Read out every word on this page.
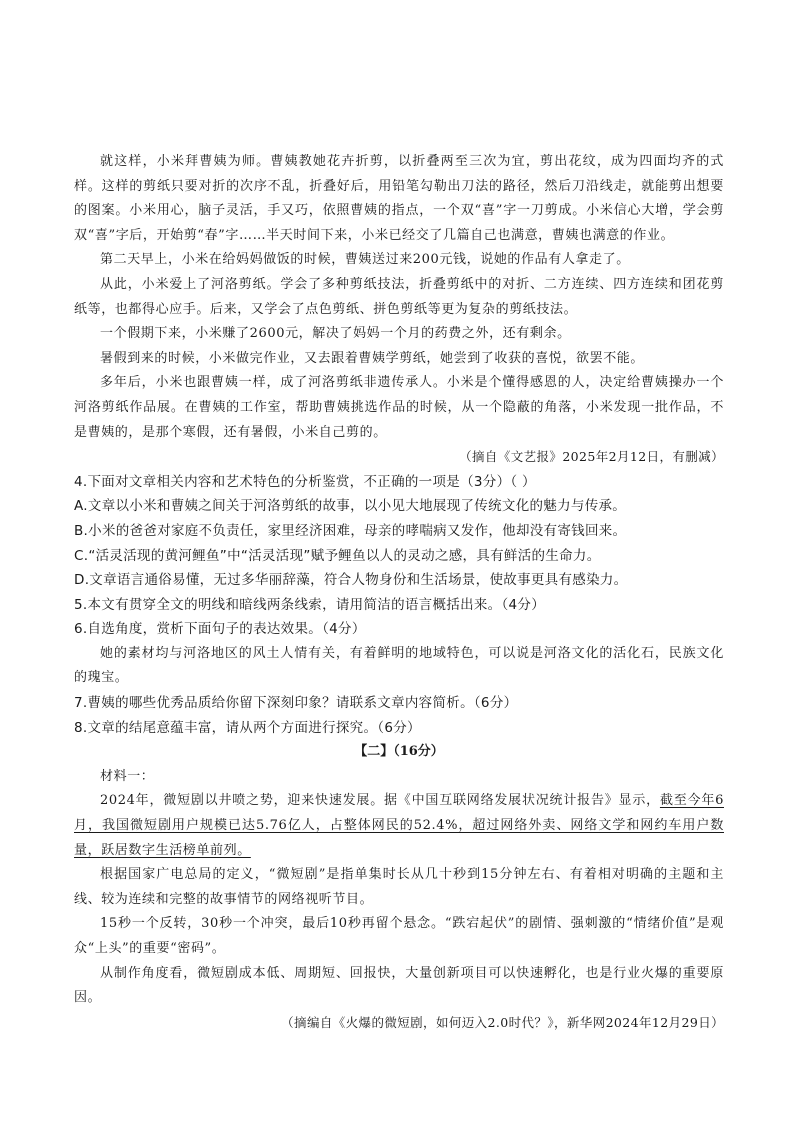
就这样，小米拜曹姨为师。曹姨教她花卉折剪，以折叠两至三次为宜，剪出花纹，成为四面均齐的式样。这样的剪纸只要对折的次序不乱，折叠好后，用铅笔勾勒出刀法的路径，然后刀沿线走，就能剪出想要的图案。小米用心，脑子灵活，手又巧，依照曹姨的指点，一个双“喜”字一刀剪成。小米信心大增，学会剪双“喜”字后，开始剪“春”字……半天时间下来，小米已经交了几篇自己也满意，曹姨也满意的作业。

第二天早上，小米在给妈妈做饭的时候，曹姨送过来200元钱，说她的作品有人拿走了。

从此，小米爱上了河洛剪纸。学会了多种剪纸技法，折叠剪纸中的对折、二方连续、四方连续和团花剪纸等，也都得心应手。后来，又学会了点色剪纸、拼色剪纸等更为复杂的剪纸技法。

一个假期下来，小米赚了2600元，解决了妈妈一个月的药费之外，还有剩余。

暑假到来的时候，小米做完作业，又去跟着曹姨学剪纸，她尝到了收获的喜悦，欲罢不能。

多年后，小米也跟曹姨一样，成了河洛剪纸非遗传承人。小米是个懂得感恩的人，决定给曹姨操办一个河洛剪纸作品展。在曹姨的工作室，帮助曹姨挑选作品的时候，从一个隐蔽的角落，小米发现一批作品，不是曹姨的，是那个寒假，还有暑假，小米自己剪的。

（摘自《文艺报》2025年2月12日，有删减）

4.下面对文章相关内容和艺术特色的分析鉴赏，不正确的一项是（3分）（ ）

A.文章以小米和曹姨之间关于河洛剪纸的故事，以小见大地展现了传统文化的魅力与传承。

B.小米的爸爸对家庭不负责任，家里经济困难，母亲的哮喘病又发作，他却没有寄钱回来。

C.“活灵活现的黄河鲤鱼”中“活灵活现”赋予鲤鱼以人的灵动之感，具有鲜活的生命力。

D.文章语言通俗易懂，无过多华丽辞藻，符合人物身份和生活场景，使故事更具有感染力。

5.本文有贯穿全文的明线和暗线两条线索，请用简洁的语言概括出来。（4分）

6.自选角度，赏析下面句子的表达效果。（4分）

她的素材均与河洛地区的风土人情有关，有着鲜明的地域特色，可以说是河洛文化的活化石，民族文化的瑰宝。

7.曹姨的哪些优秀品质给你留下深刻印象？请联系文章内容简析。（6分）

8.文章的结尾意蕴丰富，请从两个方面进行探究。（6分）

【二】（16分）

材料一：

2024年，微短剧以井喷之势，迎来快速发展。据《中国互联网络发展状况统计报告》显示，截至今年6月，我国微短剧用户规模已达5.76亿人，占整体网民的52.4%，超过网络外卖、网络文学和网约车用户数量，跃居数字生活榜单前列。

根据国家广电总局的定义，“微短剧”是指单集时长从几十秒到15分钟左右、有着相对明确的主题和主线、较为连续和完整的故事情节的网络视听节目。

15秒一个反转，30秒一个冲突，最后10秒再留个悬念。“跌宕起伏”的剧情、强刺激的“情绪价值”是观众“上头”的重要“密码”。

从制作角度看，微短剧成本低、周期短、回报快，大量创新项目可以快速孵化，也是行业火爆的重要原因。

（摘编自《火爆的微短剧，如何迈入2.0时代？》，新华网2024年12月29日）
